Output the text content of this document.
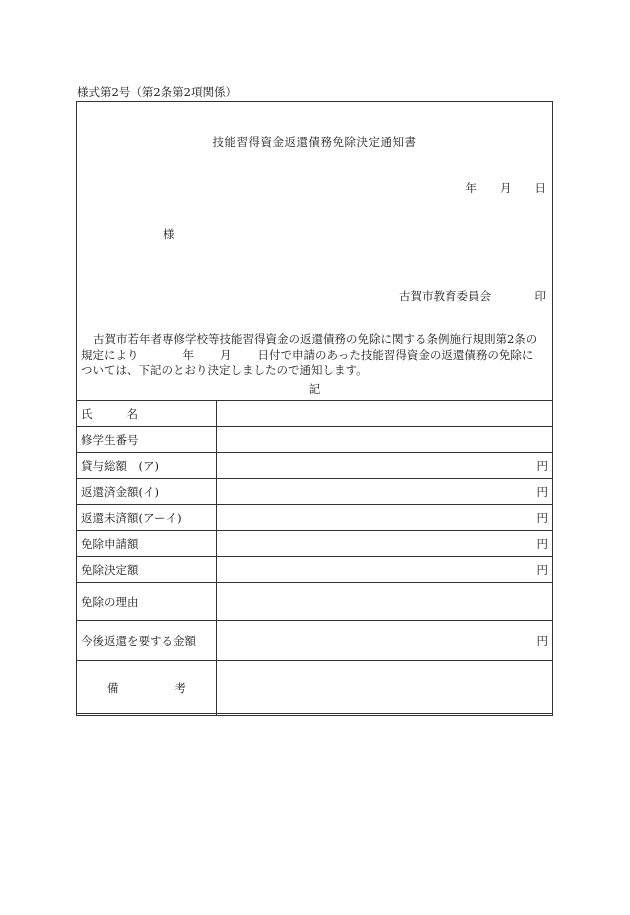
様式第2号（第2条第2項関係）
技能習得資金返還債務免除決定通知書
年　　月　　日
様
古賀市教育委員会	印
古賀市若年者専修学校等技能習得資金の返還債務の免除に関する条例施行規則第2条の
規定により	年 月 日付で申請のあった技能習得資金の返還債務の免除に
ついては、下記のとおり決定しましたので通知します。
記
氏 名	

修学生番号	
貸与総額　(ア)	円
返還済金額(イ)	円
返還未済額(アーイ)	円
免除申請額	円
免除決定額	円
免除の理由	
今後返還を要する金額	円

備 考	
